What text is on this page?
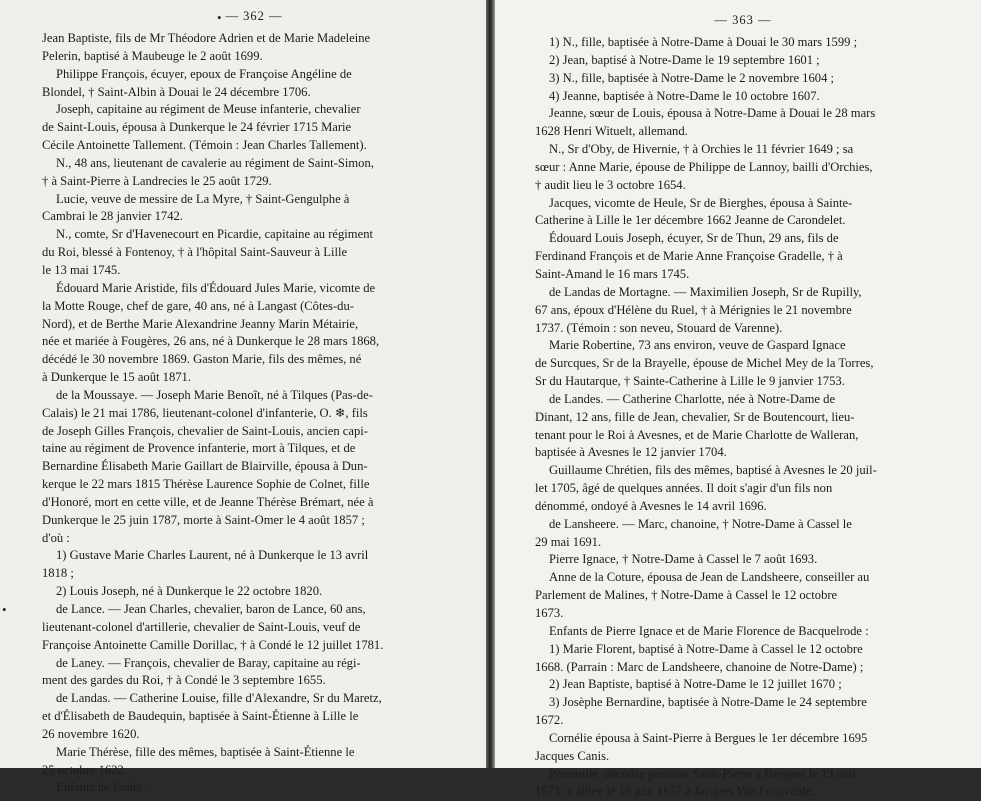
— 362 —
Jean Baptiste, fils de Mr Théodore Adrien et de Marie Madeleine
Pelerin, baptisé à Maubeuge le 2 août 1699.
Philippe François, écuyer, epoux de Françoise Angéline de
Blondel, † Saint-Albin à Douai le 24 décembre 1706.
Joseph, capitaine au régiment de Meuse infanterie, chevalier
de Saint-Louis, épousa à Dunkerque le 24 février 1715 Marie
Cécile Antoinette Tallement. (Témoin : Jean Charles Tallement).
N., 48 ans, lieutenant de cavalerie au régiment de Saint-Simon,
† à Saint-Pierre à Landrecies le 25 août 1729.
Lucie, veuve de messire de La Myre, † Saint-Gengulphe à
Cambrai le 28 janvier 1742.
N., comte, Sr d'Havenecourt en Picardie, capitaine au régiment
du Roi, blessé à Fontenoy, † à l'hôpital Saint-Sauveur à Lille
le 13 mai 1745.
Édouard Marie Aristide, fils d'Édouard Jules Marie, vicomte de
la Motte Rouge, chef de gare, 40 ans, né à Langast (Côtes-du-
Nord), et de Berthe Marie Alexandrine Jeanny Marin Métairie,
née et mariée à Fougères, 26 ans, né à Dunkerque le 28 mars 1868,
décédé le 30 novembre 1869. Gaston Marie, fils des mêmes, né
à Dunkerque le 15 août 1871.
de la Moussaye. — Joseph Marie Benoît, né à Tilques (Pas-de-
Calais) le 21 mai 1786, lieutenant-colonel d'infanterie, O. ❄, fils
de Joseph Gilles François, chevalier de Saint-Louis, ancien capi-
taine au régiment de Provence infanterie, mort à Tilques, et de
Bernardine Élisabeth Marie Gaillart de Blairville, épousa à Dun-
kerque le 22 mars 1815 Thérèse Laurence Sophie de Colnet, fille
d'Honoré, mort en cette ville, et de Jeanne Thérèse Brémart, née à
Dunkerque le 25 juin 1787, morte à Saint-Omer le 4 août 1857 ;
d'où :
1) Gustave Marie Charles Laurent, né à Dunkerque le 13 avril
1818 ;
2) Louis Joseph, né à Dunkerque le 22 octobre 1820.
de Lance. — Jean Charles, chevalier, baron de Lance, 60 ans,
lieutenant-colonel d'artillerie, chevalier de Saint-Louis, veuf de
Françoise Antoinette Camille Dorillac, † à Condé le 12 juillet 1781.
de Laney. — François, chevalier de Baray, capitaine au régi-
ment des gardes du Roi, † à Condé le 3 septembre 1655.
de Landas. — Catherine Louise, fille d'Alexandre, Sr du Maretz,
et d'Élisabeth de Baudequin, baptisée à Saint-Étienne à Lille le
26 novembre 1620.
Marie Thérèse, fille des mêmes, baptisée à Saint-Étienne le
25 octobre 1622.
Enfants de Louis :
— 363 —
1) N., fille, baptisée à Notre-Dame à Douai le 30 mars 1599 ;
2) Jean, baptisé à Notre-Dame le 19 septembre 1601 ;
3) N., fille, baptisée à Notre-Dame le 2 novembre 1604 ;
4) Jeanne, baptisée à Notre-Dame le 10 octobre 1607.
Jeanne, sœur de Louis, épousa à Notre-Dame à Douai le 28 mars
1628 Henri Wituelt, allemand.
N., Sr d'Oby, de Hivernie, † à Orchies le 11 février 1649 ; sa
sœur : Anne Marie, épouse de Philippe de Lannoy, bailli d'Orchies,
† audit lieu le 3 octobre 1654.
Jacques, vicomte de Heule, Sr de Bierghes, épousa à Sainte-
Catherine à Lille le 1er décembre 1662 Jeanne de Carondelet.
Édouard Louis Joseph, écuyer, Sr de Thun, 29 ans, fils de
Ferdinand François et de Marie Anne Françoise Gradelle, † à
Saint-Amand le 16 mars 1745.
de Landas de Mortagne. — Maximilien Joseph, Sr de Rupilly,
67 ans, époux d'Hélène du Ruel, † à Mérignies le 21 novembre
1737. (Témoin : son neveu, Stouard de Varenne).
Marie Robertine, 73 ans environ, veuve de Gaspard Ignace
de Surcques, Sr de la Brayelle, épouse de Michel Mey de la Torres,
Sr du Hautarque, † Sainte-Catherine à Lille le 9 janvier 1753.
de Landes. — Catherine Charlotte, née à Notre-Dame de
Dinant, 12 ans, fille de Jean, chevalier, Sr de Boutencourt, lieu-
tenant pour le Roi à Avesnes, et de Marie Charlotte de Walleran,
baptisée à Avesnes le 12 janvier 1704.
Guillaume Chrétien, fils des mêmes, baptisé à Avesnes le 20 juil-
let 1705, âgé de quelques années. Il doit s'agir d'un fils non
dénommé, ondoyé à Avesnes le 14 avril 1696.
de Lansheere. — Marc, chanoine, † Notre-Dame à Cassel le
29 mai 1691.
Pierre Ignace, † Notre-Dame à Cassel le 7 août 1693.
Anne de la Coture, épousa de Jean de Landsheere, conseiller au
Parlement de Malines, † Notre-Dame à Cassel le 12 octobre
1673.
Enfants de Pierre Ignace et de Marie Florence de Bacquelrode :
1) Marie Florent, baptisé à Notre-Dame à Cassel le 12 octobre
1668. (Parrain : Marc de Landsheere, chanoine de Notre-Dame) ;
2) Jean Baptiste, baptisé à Notre-Dame le 12 juillet 1670 ;
3) Josèphe Bernardine, baptisée à Notre-Dame le 24 septembre
1672.
Cornélie épousa à Saint-Pierre à Bergues le 1er décembre 1695
Jacques Canis.
Pétronille, décédée paroisse Saint-Pierre à Bergues le 13 mai
1673, y alliée le 16 juin 1657 à Jacques Van Loosvelde.
•
•
